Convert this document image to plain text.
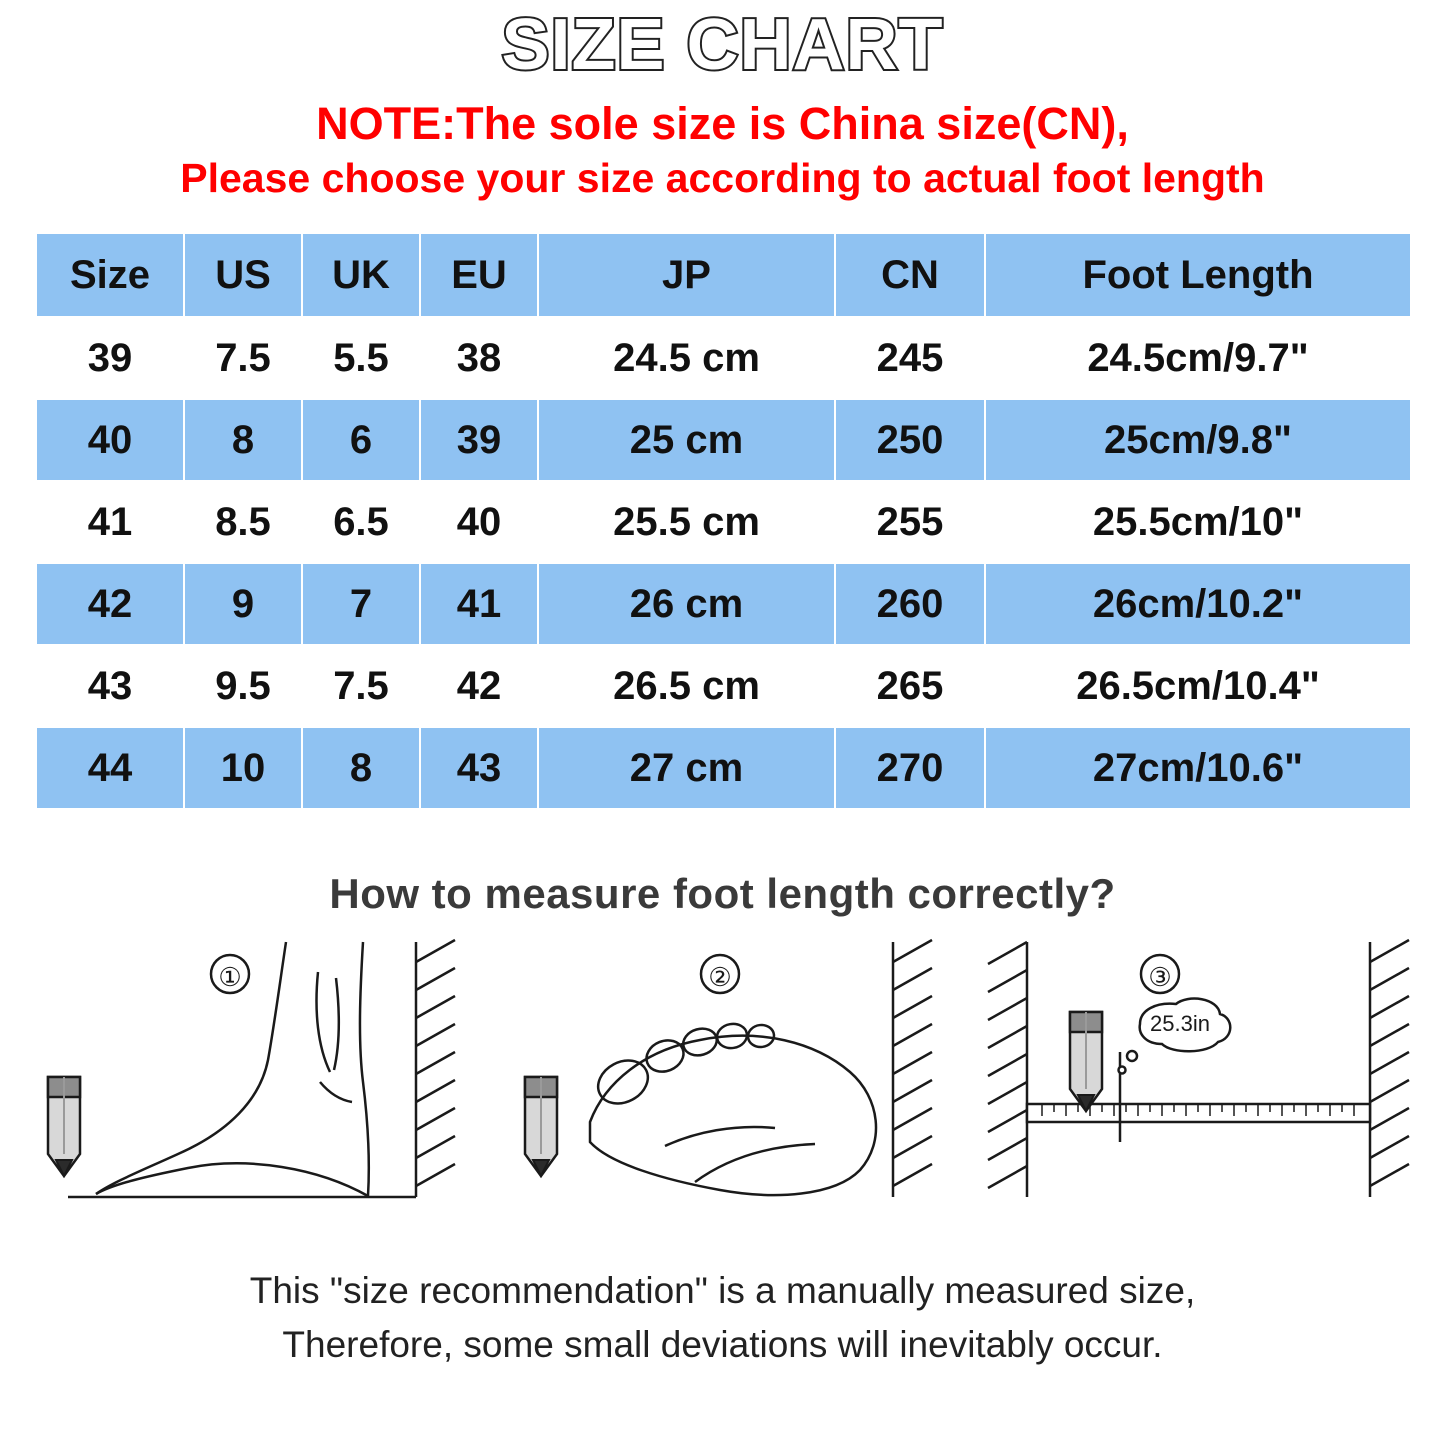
SIZE CHART
NOTE:The sole size is China size(CN),
Please choose your size according to actual foot length
Size	US	UK	EU	JP	CN	Foot Length
39	7.5	5.5	38	24.5 cm	245	24.5cm/9.7"
40	8	6	39	25 cm	250	25cm/9.8"
41	8.5	6.5	40	25.5 cm	255	25.5cm/10"
42	9	7	41	26 cm	260	26cm/10.2"
43	9.5	7.5	42	26.5 cm	265	26.5cm/10.4"
44	10	8	43	27 cm	270	27cm/10.6"
How to measure foot length correctly?
①	②	③
25.3in
This "size recommendation" is a manually measured size,
Therefore, some small deviations will inevitably occur.
